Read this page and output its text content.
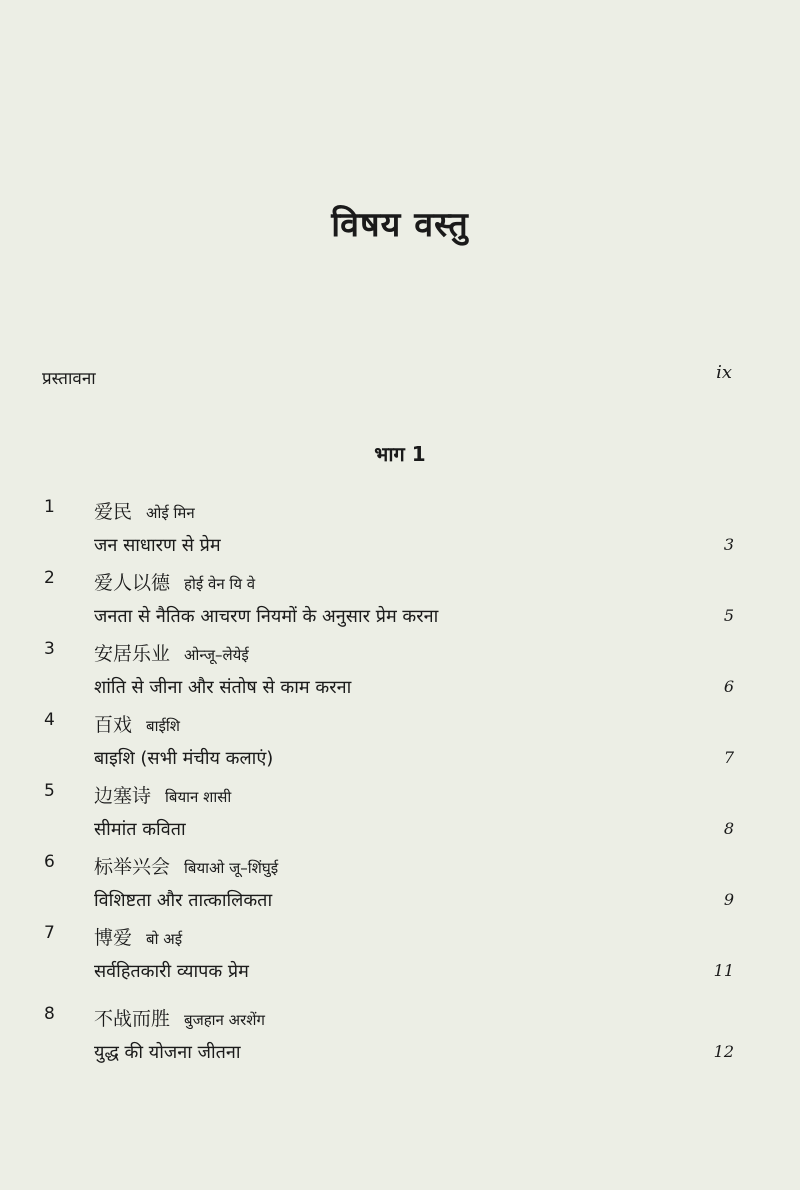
विषय वस्तु
प्रस्तावना	ix
भाग 1
1 爱民 ओई मिन
जन साधारण से प्रेम	3
2 爱人以德 होई वेन यि वे
जनता से नैतिक आचरण नियमों के अनुसार प्रेम करना	5
3 安居乐业 ओन्जू–लेयेई
शांति से जीना और संतोष से काम करना	6
4 百戏 बाईशि
बाइशि (सभी मंचीय कलाएं)	7
5 边塞诗 बियान शासी
सीमांत कविता	8
6 标举兴会 बियाओ जू–शिंघुई
विशिष्टता और तात्कालिकता	9
7 博爱 बो अई
सर्वहितकारी व्यापक प्रेम	11
8 不战而胜 बुजहान अरशेंग
युद्ध की योजना जीतना	12
